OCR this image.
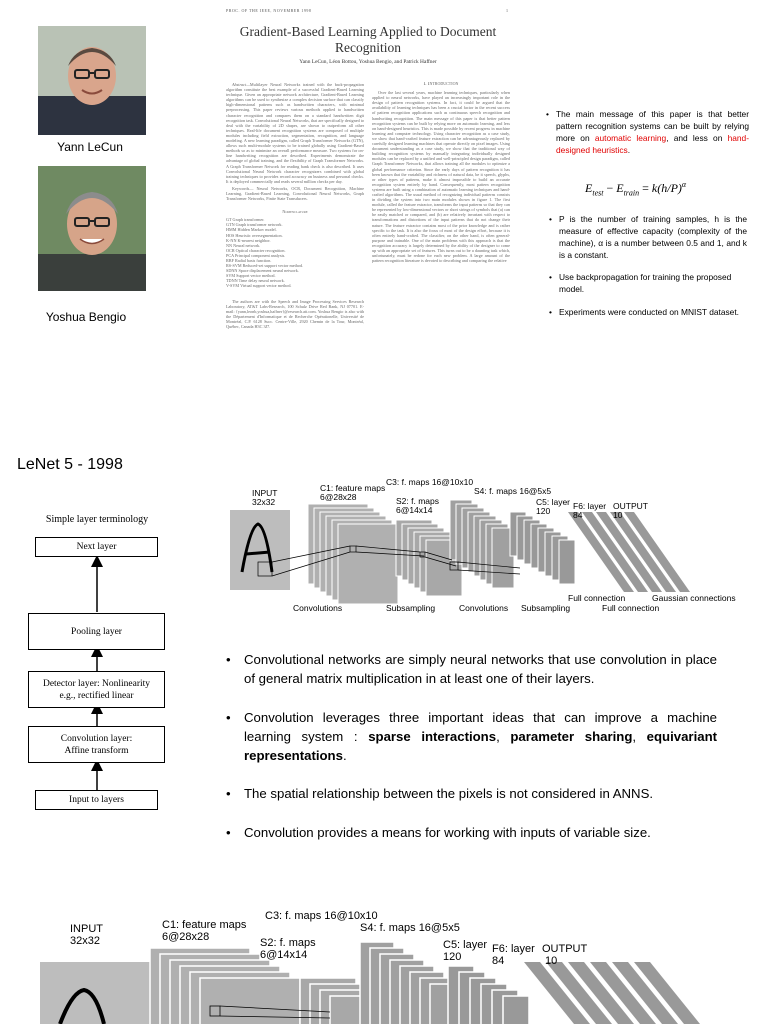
Yann LeCun
Yoshua Bengio
PROC. OF THE IEEE, NOVEMBER 1998	1
Gradient-Based Learning Applied to Document
Recognition
Yann LeCun, Léon Bottou, Yoshua Bengio, and Patrick Haffner
Abstract—Multilayer Neural Networks trained with the back-propagation algorithm constitute the best example of a successful Gradient-Based Learning technique. Given an appropriate network architecture, Gradient-Based Learning algorithms can be used to synthesize a complex decision surface that can classify high-dimensional patterns such as handwritten characters, with minimal preprocessing. This paper reviews various methods applied to handwritten character recognition and compares them on a standard handwritten digit recognition task. Convolutional Neural Networks, that are specifically designed to deal with the variability of 2D shapes, are shown to outperform all other techniques. Real-life document recognition systems are composed of multiple modules including field extraction, segmentation, recognition, and language modeling. A new learning paradigm, called Graph Transformer Networks (GTN), allows such multi-module systems to be trained globally using Gradient-Based methods so as to minimize an overall performance measure. Two systems for on-line handwriting recognition are described. Experiments demonstrate the advantage of global training, and the flexibility of Graph Transformer Networks. A Graph Transformer Network for reading bank check is also described. It uses Convolutional Neural Network character recognizers combined with global training techniques to provides record accuracy on business and personal checks. It is deployed commercially and reads several million checks per day.
Keywords— Neural Networks, OCR, Document Recognition, Machine Learning, Gradient-Based Learning, Convolutional Neural Networks, Graph Transformer Networks, Finite State Transducers.
Nomenclature
GT Graph transformer.
GTN Graph transformer network.
HMM Hidden Markov model.
HOS Heuristic oversegmentation.
K-NN K-nearest neighbor.
NN Neural network.
OCR Optical character recognition.
PCA Principal component analysis.
RBF Radial basis function.
RS-SVM Reduced-set support vector method.
SDNN Space displacement neural network.
SVM Support vector method.
TDNN Time delay neural network.
V-SVM Virtual support vector method.
The authors are with the Speech and Image Processing Services Research Laboratory, AT&T Labs-Research, 100 Schulz Drive Red Bank, NJ 07701. E-mail: {yann,leonb,yoshua,haffner}@research.att.com. Yoshua Bengio is also with the Département d'Informatique et de Recherche Opérationelle, Université de Montréal, C.P. 6128 Succ. Centre-Ville, 2920 Chemin de la Tour, Montréal, Québec, Canada H3C 3J7.
I. Introduction
Over the last several years, machine learning techniques, particularly when applied to neural networks, have played an increasingly important role in the design of pattern recognition systems. In fact, it could be argued that the availability of learning techniques has been a crucial factor in the recent success of pattern recognition applications such as continuous speech recognition and handwriting recognition. The main message of this paper is that better pattern recognition systems can be built by relying more on automatic learning, and less on hand-designed heuristics. This is made possible by recent progress in machine learning and computer technology. Using character recognition as a case study, we show that hand-crafted feature extraction can be advantageously replaced by carefully designed learning machines that operate directly on pixel images. Using document understanding as a case study, we show that the traditional way of building recognition systems by manually integrating individually designed modules can be replaced by a unified and well-principled design paradigm, called Graph Transformer Networks, that allows training all the modules to optimize a global performance criterion. Since the early days of pattern recognition it has been known that the variability and richness of natural data, be it speech, glyphs, or other types of patterns, make it almost impossible to build an accurate recognition system entirely by hand. Consequently, most pattern recognition systems are built using a combination of automatic learning techniques and hand-crafted algorithms. The usual method of recognizing individual patterns consists in dividing the system into two main modules shown in figure 1. The first module, called the feature extractor, transforms the input patterns so that they can be represented by low-dimensional vectors or short strings of symbols that (a) can be easily matched or compared, and (b) are relatively invariant with respect to transformations and distortions of the input patterns that do not change their nature. The feature extractor contains most of the prior knowledge and is rather specific to the task. It is also the focus of most of the design effort, because it is often entirely hand-crafted. The classifier, on the other hand, is often general-purpose and trainable. One of the main problems with this approach is that the recognition accuracy is largely determined by the ability of the designer to come up with an appropriate set of features. This turns out to be a daunting task which, unfortunately, must be redone for each new problem. A large amount of the pattern recognition literature is devoted to describing and comparing the relative
• The main message of this paper is that better pattern recognition systems can be built by relying more on automatic learning, and less on hand-designed heuristics.
$E_{test} - E_{train} = k(h/P)^\alpha$
• P is the number of training samples, h is the measure of effective capacity (complexity of the machine), α is a number between 0.5 and 1, and k is a constant.
• Use backpropagation for training the proposed model.
• Experiments were conducted on MNIST dataset.
LeNet 5 - 1998
Simple layer terminology
Next layer
Pooling layer
Detector layer: Nonlinearity
e.g., rectified linear
Convolution layer:
Affine transform
Input to layers
INPUT
32x32
C1: feature maps
6@28x28
C3: f. maps 16@10x10
S2: f. maps
6@14x14
S4: f. maps 16@5x5
C5: layer
120	F6: layer
84
OUTPUT
10
Convolutions	Subsampling	Convolutions Subsampling
Full connection
Full connection
Gaussian connections
• Convolutional networks are simply neural networks that use convolution in place of general matrix multiplication in at least one of their layers.
• Convolution leverages three important ideas that can improve a machine learning system : sparse interactions, parameter sharing, equivariant representations.
• The spatial relationship between the pixels is not considered in ANNS.
• Convolution provides a means for working with inputs of variable size.
INPUT
32x32
C1: feature maps
6@28x28
C3: f. maps 16@10x10
S2: f. maps
6@14x14
S4: f. maps 16@5x5
C5: layer
120
F6: layer
84
OUTPUT
10
